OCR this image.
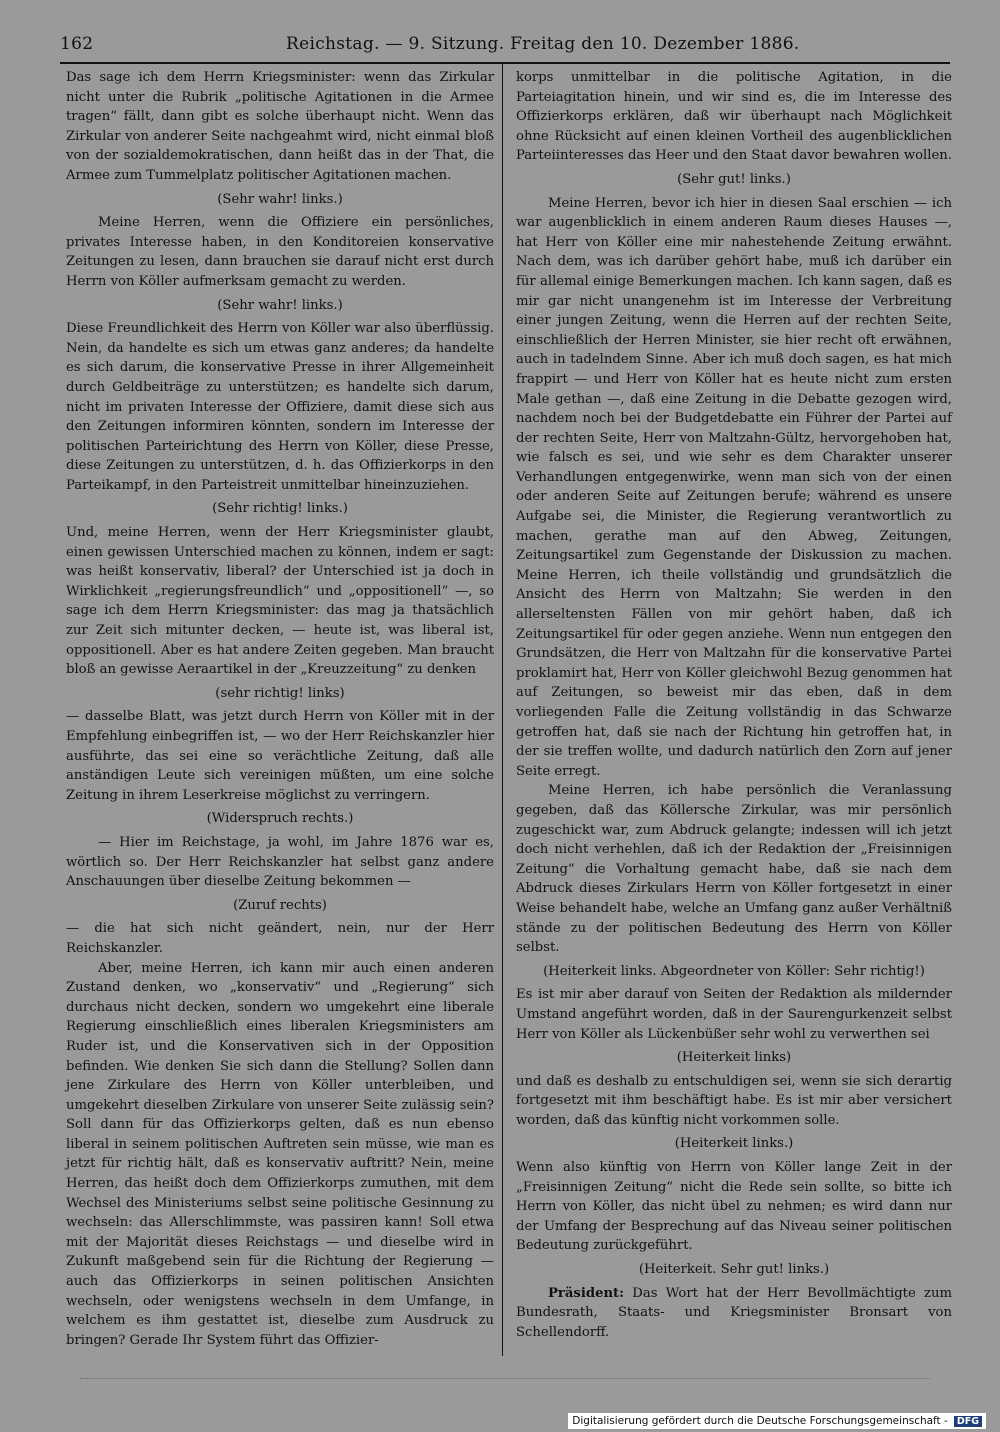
162	Reichstag. — 9. Sitzung. Freitag den 10. Dezember 1886.

Das sage ich dem Herrn Kriegsminister: wenn das Zirkular nicht unter die Rubrik „politische Agitationen in die Armee tragen“ fällt, dann gibt es solche überhaupt nicht. Wenn das Zirkular von anderer Seite nachgeahmt wird, nicht einmal bloß von der sozialdemokratischen, dann heißt das in der That, die Armee zum Tummelplatz politischer Agitationen machen.

(Sehr wahr! links.)

Meine Herren, wenn die Offiziere ein persönliches, privates Interesse haben, in den Konditoreien konservative Zeitungen zu lesen, dann brauchen sie darauf nicht erst durch Herrn von Köller aufmerksam gemacht zu werden.

(Sehr wahr! links.)

Diese Freundlichkeit des Herrn von Köller war also überflüssig. Nein, da handelte es sich um etwas ganz anderes; da handelte es sich darum, die konservative Presse in ihrer Allgemeinheit durch Geldbeiträge zu unterstützen; es handelte sich darum, nicht im privaten Interesse der Offiziere, damit diese sich aus den Zeitungen informiren könnten, sondern im Interesse der politischen Parteirichtung des Herrn von Köller, diese Presse, diese Zeitungen zu unterstützen, d. h. das Offizierkorps in den Parteikampf, in den Parteistreit unmittelbar hineinzuziehen.

(Sehr richtig! links.)

Und, meine Herren, wenn der Herr Kriegsminister glaubt, einen gewissen Unterschied machen zu können, indem er sagt: was heißt konservativ, liberal? der Unterschied ist ja doch in Wirklichkeit „regierungsfreundlich“ und „oppositionell“ —, so sage ich dem Herrn Kriegsminister: das mag ja thatsächlich zur Zeit sich mitunter decken, — heute ist, was liberal ist, oppositionell. Aber es hat andere Zeiten gegeben. Man braucht bloß an gewisse Aeraartikel in der „Kreuzzeitung“ zu denken

(sehr richtig! links)

— dasselbe Blatt, was jetzt durch Herrn von Köller mit in der Empfehlung einbegriffen ist, — wo der Herr Reichskanzler hier ausführte, das sei eine so verächtliche Zeitung, daß alle anständigen Leute sich vereinigen müßten, um eine solche Zeitung in ihrem Leserkreise möglichst zu verringern.

(Widerspruch rechts.)

— Hier im Reichstage, ja wohl, im Jahre 1876 war es, wörtlich so. Der Herr Reichskanzler hat selbst ganz andere Anschauungen über dieselbe Zeitung bekommen —

(Zuruf rechts)

— die hat sich nicht geändert, nein, nur der Herr Reichskanzler.

Aber, meine Herren, ich kann mir auch einen anderen Zustand denken, wo „konservativ“ und „Regierung“ sich durchaus nicht decken, sondern wo umgekehrt eine liberale Regierung einschließlich eines liberalen Kriegsministers am Ruder ist, und die Konservativen sich in der Opposition befinden. Wie denken Sie sich dann die Stellung? Sollen dann jene Zirkulare des Herrn von Köller unterbleiben, und umgekehrt dieselben Zirkulare von unserer Seite zulässig sein? Soll dann für das Offizierkorps gelten, daß es nun ebenso liberal in seinem politischen Auftreten sein müsse, wie man es jetzt für richtig hält, daß es konservativ auftritt? Nein, meine Herren, das heißt doch dem Offizierkorps zumuthen, mit dem Wechsel des Ministeriums selbst seine politische Gesinnung zu wechseln: das Allerschlimmste, was passiren kann! Soll etwa mit der Majorität dieses Reichstags — und dieselbe wird in Zukunft maßgebend sein für die Richtung der Regierung — auch das Offizierkorps in seinen politischen Ansichten wechseln, oder wenigstens wechseln in dem Umfange, in welchem es ihm gestattet ist, dieselbe zum Ausdruck zu bringen? Gerade Ihr System führt das Offizier-

korps unmittelbar in die politische Agitation, in die Parteiagitation hinein, und wir sind es, die im Interesse des Offizierkorps erklären, daß wir überhaupt nach Möglichkeit ohne Rücksicht auf einen kleinen Vortheil des augenblicklichen Parteiinteresses das Heer und den Staat davor bewahren wollen.

(Sehr gut! links.)

Meine Herren, bevor ich hier in diesen Saal erschien — ich war augenblicklich in einem anderen Raum dieses Hauses —, hat Herr von Köller eine mir nahestehende Zeitung erwähnt. Nach dem, was ich darüber gehört habe, muß ich darüber ein für allemal einige Bemerkungen machen. Ich kann sagen, daß es mir gar nicht unangenehm ist im Interesse der Verbreitung einer jungen Zeitung, wenn die Herren auf der rechten Seite, einschließlich der Herren Minister, sie hier recht oft erwähnen, auch in tadelndem Sinne. Aber ich muß doch sagen, es hat mich frappirt — und Herr von Köller hat es heute nicht zum ersten Male gethan —, daß eine Zeitung in die Debatte gezogen wird, nachdem noch bei der Budgetdebatte ein Führer der Partei auf der rechten Seite, Herr von Maltzahn-Gültz, hervorgehoben hat, wie falsch es sei, und wie sehr es dem Charakter unserer Verhandlungen entgegenwirke, wenn man sich von der einen oder anderen Seite auf Zeitungen berufe; während es unsere Aufgabe sei, die Minister, die Regierung verantwortlich zu machen, gerathe man auf den Abweg, Zeitungen, Zeitungsartikel zum Gegenstande der Diskussion zu machen. Meine Herren, ich theile vollständig und grundsätzlich die Ansicht des Herrn von Maltzahn; Sie werden in den allerseltensten Fällen von mir gehört haben, daß ich Zeitungsartikel für oder gegen anziehe. Wenn nun entgegen den Grundsätzen, die Herr von Maltzahn für die konservative Partei proklamirt hat, Herr von Köller gleichwohl Bezug genommen hat auf Zeitungen, so beweist mir das eben, daß in dem vorliegenden Falle die Zeitung vollständig in das Schwarze getroffen hat, daß sie nach der Richtung hin getroffen hat, in der sie treffen wollte, und dadurch natürlich den Zorn auf jener Seite erregt.

Meine Herren, ich habe persönlich die Veranlassung gegeben, daß das Köllersche Zirkular, was mir persönlich zugeschickt war, zum Abdruck gelangte; indessen will ich jetzt doch nicht verhehlen, daß ich der Redaktion der „Freisinnigen Zeitung“ die Vorhaltung gemacht habe, daß sie nach dem Abdruck dieses Zirkulars Herrn von Köller fortgesetzt in einer Weise behandelt habe, welche an Umfang ganz außer Verhältniß stände zu der politischen Bedeutung des Herrn von Köller selbst.

(Heiterkeit links. Abgeordneter von Köller: Sehr richtig!)

Es ist mir aber darauf von Seiten der Redaktion als mildernder Umstand angeführt worden, daß in der Saurengurkenzeit selbst Herr von Köller als Lückenbüßer sehr wohl zu verwerthen sei

(Heiterkeit links)

und daß es deshalb zu entschuldigen sei, wenn sie sich derartig fortgesetzt mit ihm beschäftigt habe. Es ist mir aber versichert worden, daß das künftig nicht vorkommen solle.

(Heiterkeit links.)

Wenn also künftig von Herrn von Köller lange Zeit in der „Freisinnigen Zeitung“ nicht die Rede sein sollte, so bitte ich Herrn von Köller, das nicht übel zu nehmen; es wird dann nur der Umfang der Besprechung auf das Niveau seiner politischen Bedeutung zurückgeführt.

(Heiterkeit. Sehr gut! links.)

Präsident: Das Wort hat der Herr Bevollmächtigte zum Bundesrath, Staats- und Kriegsminister Bronsart von Schellendorff.

Digitalisierung gefördert durch die Deutsche Forschungsgemeinschaft - DFG
